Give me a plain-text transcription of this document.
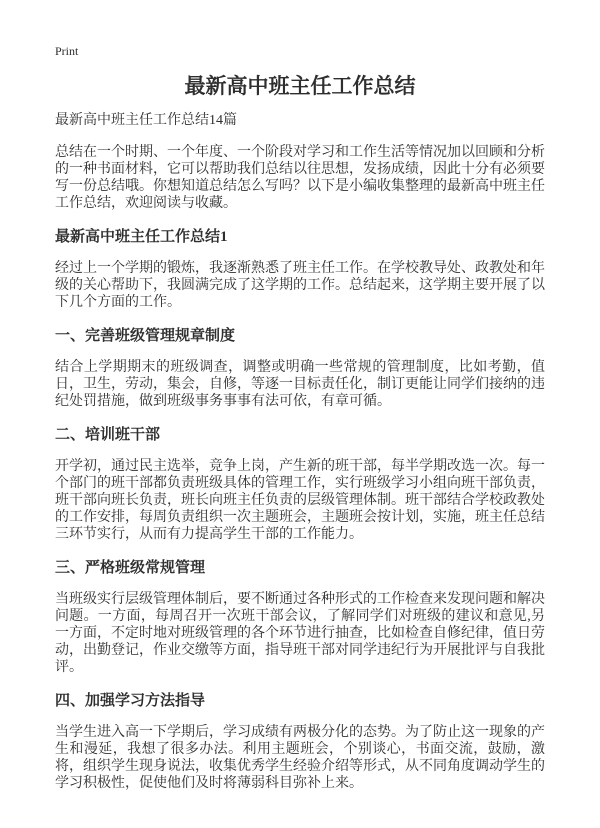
Print
最新高中班主任工作总结
最新高中班主任工作总结14篇

总结在一个时期、一个年度、一个阶段对学习和工作生活等情况加以回顾和分析的一种书面材料，它可以帮助我们总结以往思想，发扬成绩，因此十分有必须要写一份总结哦。你想知道总结怎么写吗？以下是小编收集整理的最新高中班主任工作总结，欢迎阅读与收藏。

最新高中班主任工作总结1

经过上一个学期的锻炼，我逐渐熟悉了班主任工作。在学校教导处、政教处和年级的关心帮助下，我圆满完成了这学期的工作。总结起来，这学期主要开展了以下几个方面的工作。

一、完善班级管理规章制度

结合上学期期末的班级调查，调整或明确一些常规的管理制度，比如考勤，值日，卫生，劳动，集会，自修，等逐一目标责任化，制订更能让同学们接纳的违纪处罚措施，做到班级事务事事有法可依，有章可循。

二、培训班干部

开学初，通过民主选举，竞争上岗，产生新的班干部，每半学期改选一次。每一个部门的班干部都负责班级具体的管理工作，实行班级学习小组向班干部负责，班干部向班长负责，班长向班主任负责的层级管理体制。班干部结合学校政教处的工作安排，每周负责组织一次主题班会，主题班会按计划，实施，班主任总结三环节实行，从而有力提高学生干部的工作能力。

三、严格班级常规管理

当班级实行层级管理体制后，要不断通过各种形式的工作检查来发现问题和解决问题。一方面，每周召开一次班干部会议，了解同学们对班级的建议和意见,另一方面，不定时地对班级管理的各个环节进行抽查，比如检查自修纪律，值日劳动，出勤登记，作业交缴等方面，指导班干部对同学违纪行为开展批评与自我批评。

四、加强学习方法指导

当学生进入高一下学期后，学习成绩有两极分化的态势。为了防止这一现象的产生和漫延，我想了很多办法。利用主题班会，个别谈心，书面交流，鼓励，激将，组织学生现身说法，收集优秀学生经验介绍等形式，从不同角度调动学生的学习积极性，促使他们及时将薄弱科目弥补上来。
